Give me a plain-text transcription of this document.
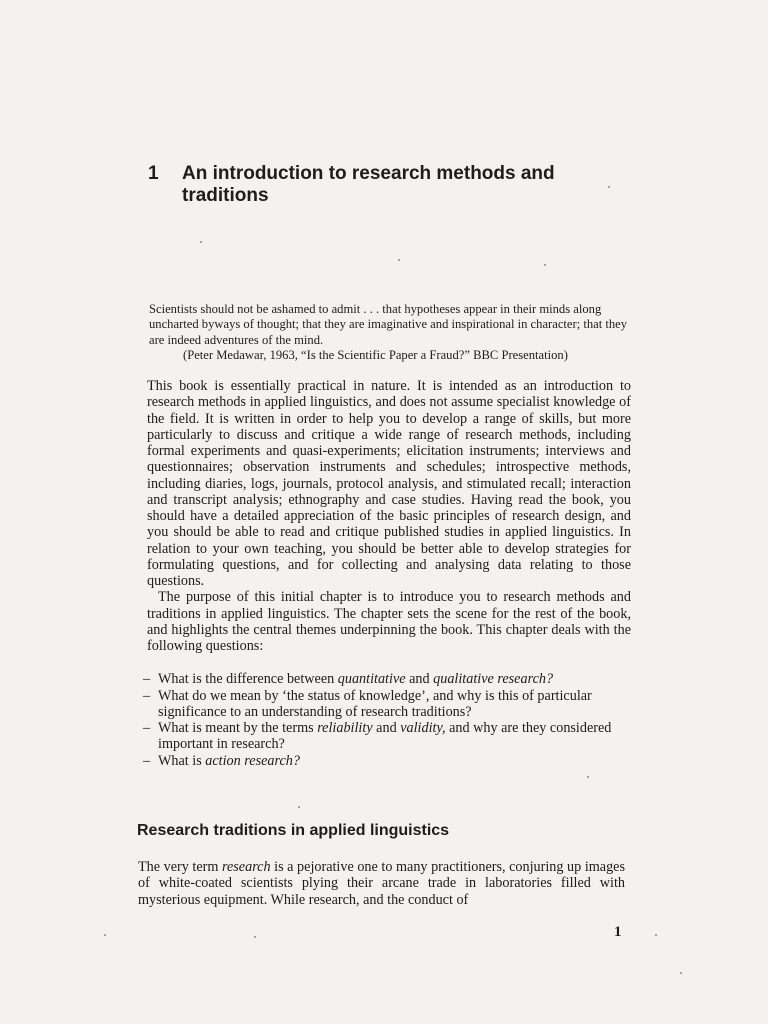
1 An introduction to research methods and traditions

Scientists should not be ashamed to admit . . . that hypotheses appear in their minds along uncharted byways of thought; that they are imaginative and inspirational in character; that they are indeed adventures of the mind.

(Peter Medawar, 1963, “Is the Scientific Paper a Fraud?” BBC Presentation)

This book is essentially practical in nature. It is intended as an introduction to research methods in applied linguistics, and does not assume specialist knowledge of the field. It is written in order to help you to develop a range of skills, but more particularly to discuss and critique a wide range of research methods, including formal experiments and quasi-experiments; elicitation instruments; interviews and questionnaires; observation instruments and schedules; introspective methods, including diaries, logs, journals, protocol analysis, and stimulated recall; interaction and transcript analysis; ethnography and case studies. Having read the book, you should have a detailed appreciation of the basic principles of research design, and you should be able to read and critique published studies in applied linguistics. In relation to your own teaching, you should be better able to develop strategies for formulating questions, and for collecting and analysing data relating to those questions.

The purpose of this initial chapter is to introduce you to research methods and traditions in applied linguistics. The chapter sets the scene for the rest of the book, and highlights the central themes underpinning the book. This chapter deals with the following questions:

– What is the difference between quantitative and qualitative research?
– What do we mean by ‘the status of knowledge’, and why is this of particular significance to an understanding of research traditions?
– What is meant by the terms reliability and validity, and why are they considered important in research?
– What is action research?
Research traditions in applied linguistics

The very term research is a pejorative one to many practitioners, conjuring up images of white-coated scientists plying their arcane trade in laboratories filled with mysterious equipment. While research, and the conduct of

1
